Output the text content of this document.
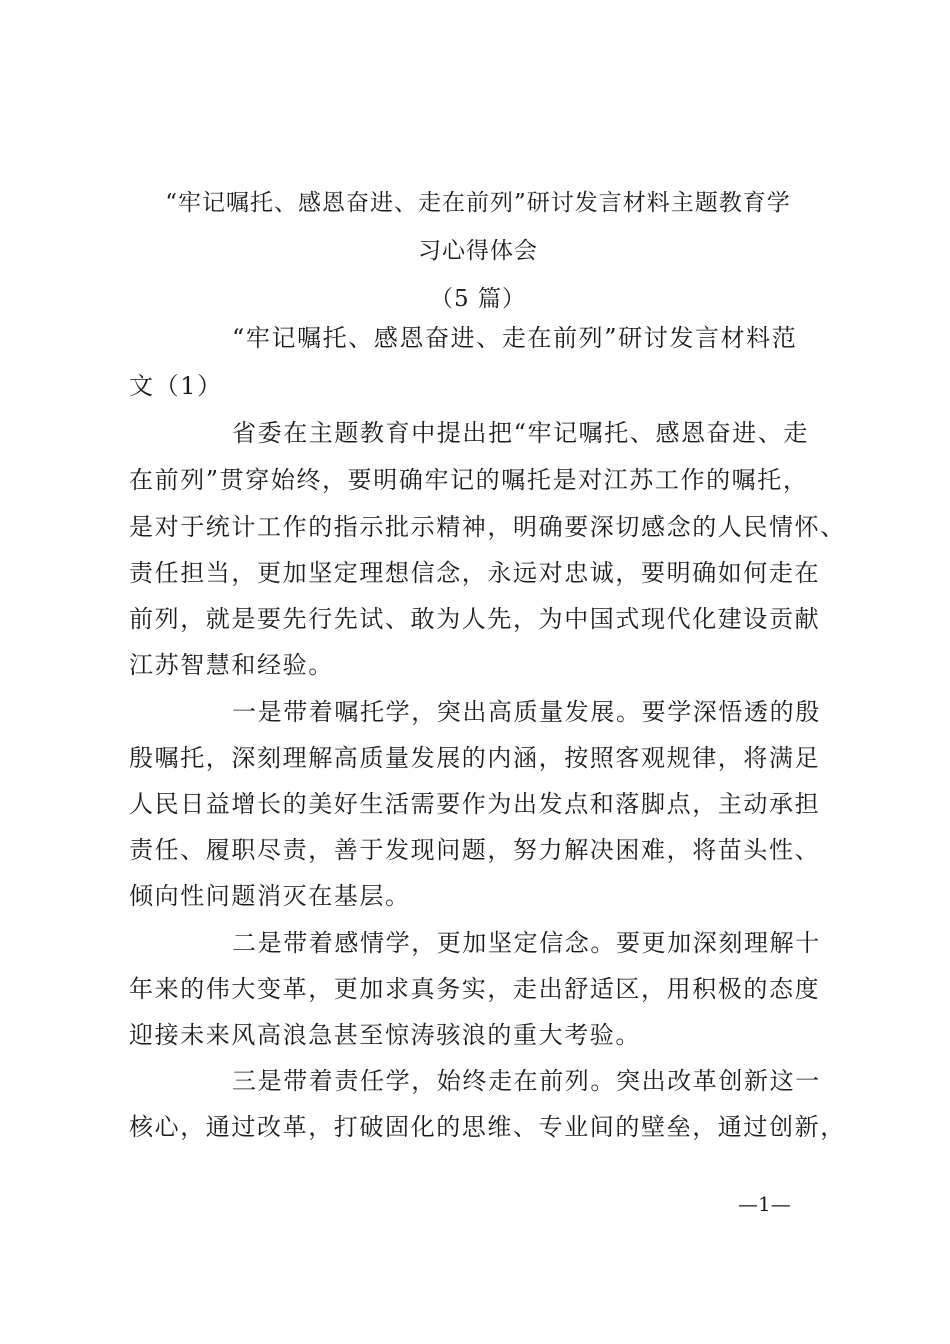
“牢记嘱托、感恩奋进、走在前列”研讨发言材料主题教育学
习心得体会
（5 篇）
“牢记嘱托、感恩奋进、走在前列”研讨发言材料范
文（1）
省委在主题教育中提出把“牢记嘱托、感恩奋进、走
在前列”贯穿始终，要明确牢记的嘱托是对江苏工作的嘱托，
是对于统计工作的指示批示精神，明确要深切感念的人民情怀、
责任担当，更加坚定理想信念，永远对忠诚，要明确如何走在
前列，就是要先行先试、敢为人先，为中国式现代化建设贡献
江苏智慧和经验。
一是带着嘱托学，突出高质量发展。要学深悟透的殷
殷嘱托，深刻理解高质量发展的内涵，按照客观规律，将满足
人民日益增长的美好生活需要作为出发点和落脚点，主动承担
责任、履职尽责，善于发现问题，努力解决困难，将苗头性、
倾向性问题消灭在基层。
二是带着感情学，更加坚定信念。要更加深刻理解十
年来的伟大变革，更加求真务实，走出舒适区，用积极的态度
迎接未来风高浪急甚至惊涛骇浪的重大考验。
三是带着责任学，始终走在前列。突出改革创新这一
核心，通过改革，打破固化的思维、专业间的壁垒，通过创新，
—1—
